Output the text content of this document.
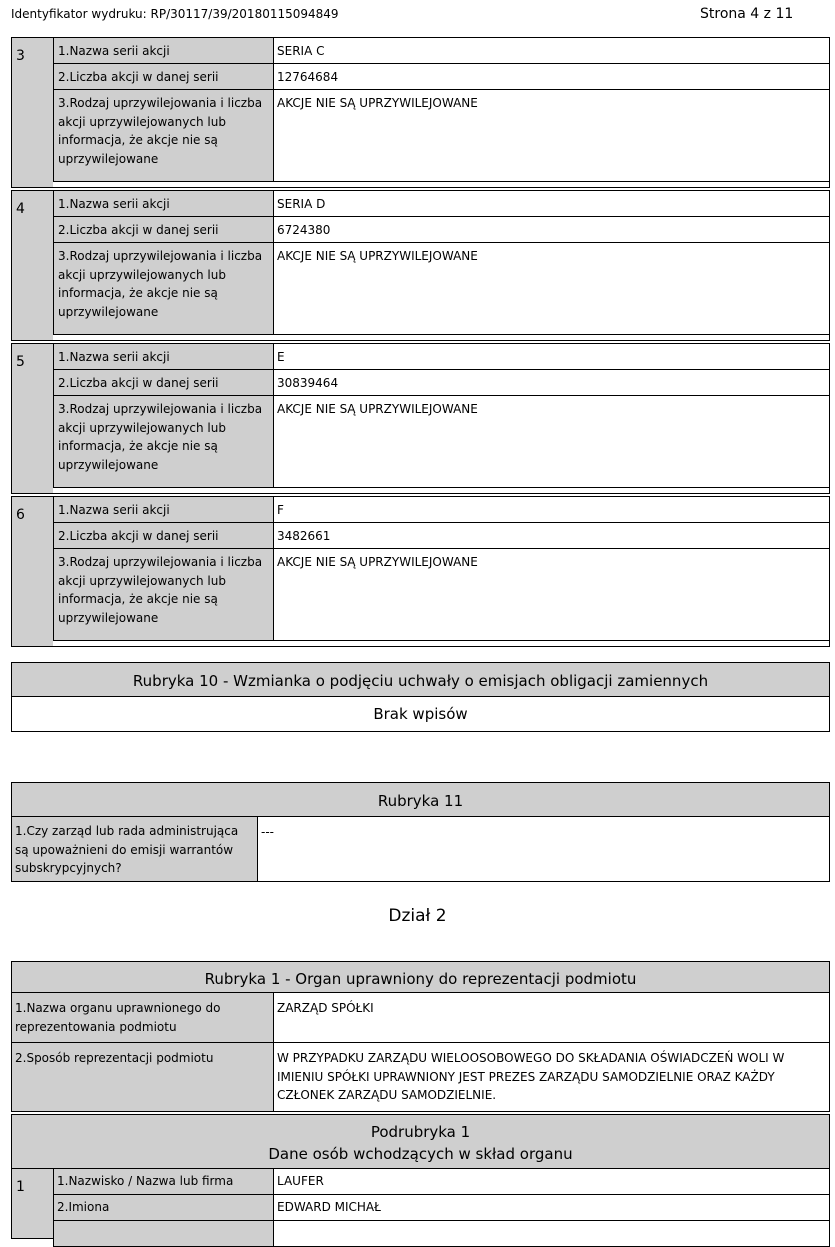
Identyfikator wydruku: RP/30117/39/20180115094849	Strona 4 z 11
3	1.Nazwa serii akcji	SERIA C
2.Liczba akcji w danej serii	12764684
3.Rodzaj uprzywilejowania i liczba akcji uprzywilejowanych lub informacja, że akcje nie są uprzywilejowane
AKCJE NIE SĄ UPRZYWILEJOWANE
4	1.Nazwa serii akcji	SERIA D
2.Liczba akcji w danej serii	6724380
3.Rodzaj uprzywilejowania i liczba akcji uprzywilejowanych lub informacja, że akcje nie są uprzywilejowane
AKCJE NIE SĄ UPRZYWILEJOWANE
5	1.Nazwa serii akcji	E
2.Liczba akcji w danej serii	30839464
3.Rodzaj uprzywilejowania i liczba akcji uprzywilejowanych lub informacja, że akcje nie są uprzywilejowane
AKCJE NIE SĄ UPRZYWILEJOWANE
6	1.Nazwa serii akcji	F
2.Liczba akcji w danej serii	3482661
3.Rodzaj uprzywilejowania i liczba akcji uprzywilejowanych lub informacja, że akcje nie są uprzywilejowane
AKCJE NIE SĄ UPRZYWILEJOWANE
Rubryka 10 - Wzmianka o podjęciu uchwały o emisjach obligacji zamiennych
Brak wpisów
Rubryka 11
1.Czy zarząd lub rada administrująca są upoważnieni do emisji warrantów subskrypcyjnych?
---
Dział 2
Rubryka 1 - Organ uprawniony do reprezentacji podmiotu
1.Nazwa organu uprawnionego do reprezentowania podmiotu
ZARZĄD SPÓŁKI
2.Sposób reprezentacji podmiotu	W PRZYPADKU ZARZĄDU WIELOOSOBOWEGO DO SKŁADANIA OŚWIADCZEŃ WOLI W IMIENIU SPÓŁKI UPRAWNIONY JEST PREZES ZARZĄDU SAMODZIELNIE ORAZ KAŻDY CZŁONEK ZARZĄDU SAMODZIELNIE.
Podrubryka 1
Dane osób wchodzących w skład organu
1	1.Nazwisko / Nazwa lub firma	LAUFER
2.Imiona	EDWARD MICHAŁ
